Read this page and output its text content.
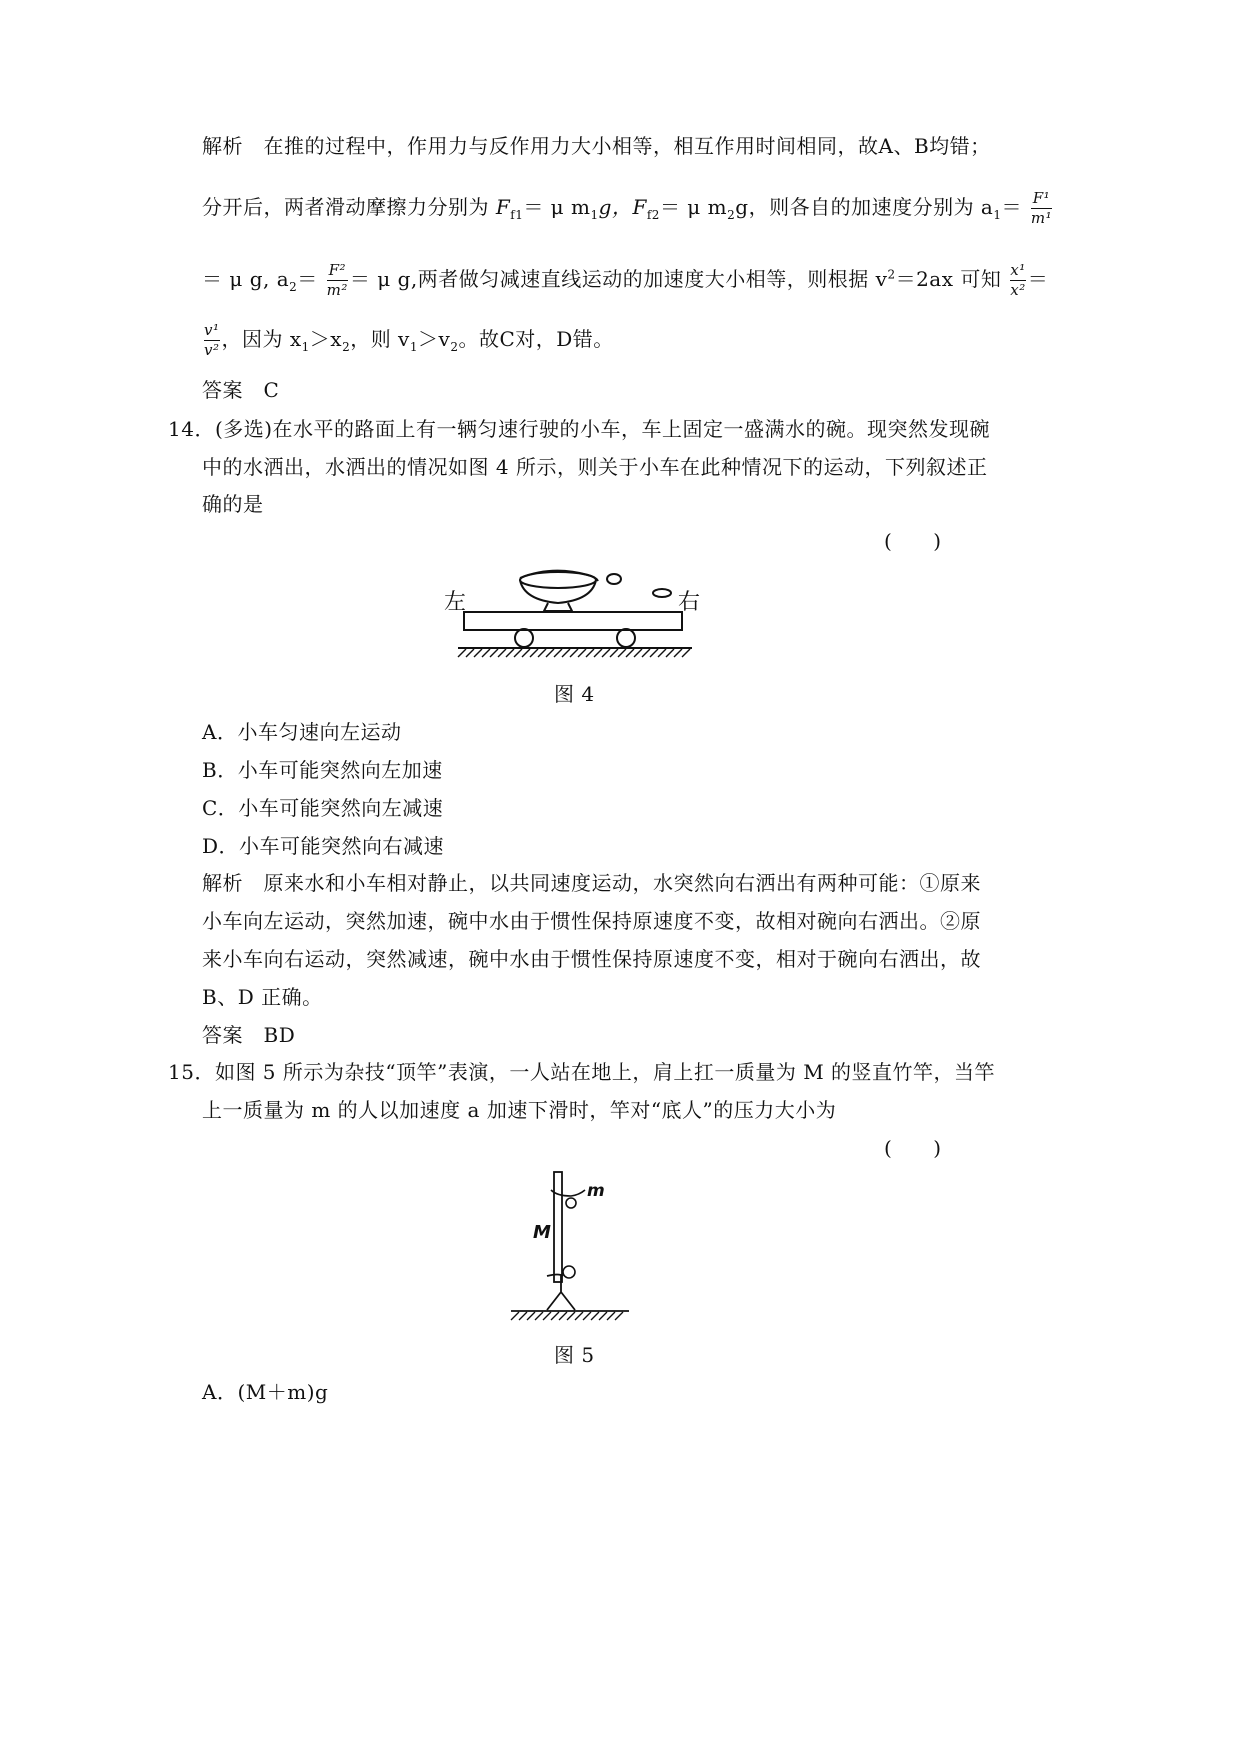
解析　在推的过程中，作用力与反作用力大小相等，相互作用时间相同，故A、B均错；
分开后，两者滑动摩擦力分别为 $F_{f1}= \mu$ $m_1g$，$F_{f2}= \mu$ $m_2g$，则各自的加速度分别为 $a_1= \frac{\text{F¹}}{\text{m¹}}$
＝ μ g, $a_2= \frac{\text{F²}}{\text{m²}} = \mu$ g,两者做匀减速直线运动的加速度大小相等，则根据 $v^2=2ax$ 可知 $\frac{\text{x¹}}{\text{x²}}$ ＝
$\frac{\text{v¹}}{\text{v²}}$ ，因为 $x_1>x_2$，则 $v_1>v_2$。故C对，D错。
答案　C
14．(多选)在水平的路面上有一辆匀速行驶的小车，车上固定一盛满水的碗。现突然发现碗
中的水洒出，水洒出的情况如图 4 所示，则关于小车在此种情况下的运动，下列叙述正
确的是
(　　)
左	右
图 4
A．小车匀速向左运动
B．小车可能突然向左加速
C．小车可能突然向左减速
D．小车可能突然向右减速
解析　原来水和小车相对静止，以共同速度运动，水突然向右洒出有两种可能：①原来
小车向左运动，突然加速，碗中水由于惯性保持原速度不变，故相对碗向右洒出。②原
来小车向右运动，突然减速，碗中水由于惯性保持原速度不变，相对于碗向右洒出，故
B、D 正确。
答案　BD
15．如图 5 所示为杂技“顶竿”表演，一人站在地上，肩上扛一质量为 M 的竖直竹竿，当竿
上一质量为 m 的人以加速度 a 加速下滑时，竿对“底人”的压力大小为
(　　)
m
M
图 5
A．(M＋m)g
